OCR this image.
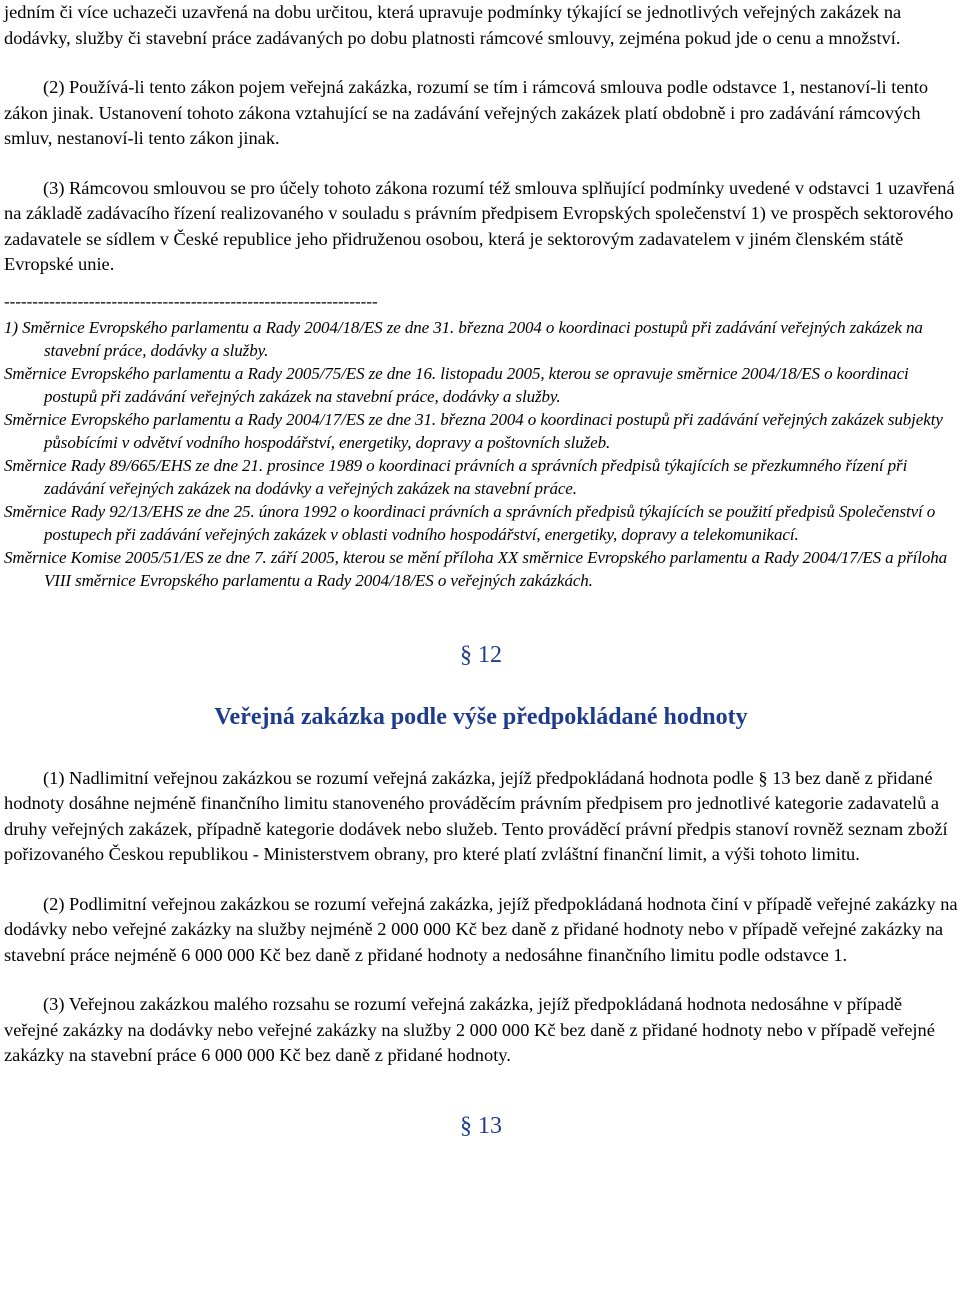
jedním či více uchazeči uzavřená na dobu určitou, která upravuje podmínky týkající se jednotlivých veřejných zakázek na dodávky, služby či stavební práce zadávaných po dobu platnosti rámcové smlouvy, zejména pokud jde o cenu a množství.

(2) Používá-li tento zákon pojem veřejná zakázka, rozumí se tím i rámcová smlouva podle odstavce 1, nestanoví-li tento zákon jinak. Ustanovení tohoto zákona vztahující se na zadávání veřejných zakázek platí obdobně i pro zadávání rámcových smluv, nestanoví-li tento zákon jinak.

(3) Rámcovou smlouvou se pro účely tohoto zákona rozumí též smlouva splňující podmínky uvedené v odstavci 1 uzavřená na základě zadávacího řízení realizovaného v souladu s právním předpisem Evropských společenství 1) ve prospěch sektorového zadavatele se sídlem v České republice jeho přidruženou osobou, která je sektorovým zadavatelem v jiném členském státě Evropské unie.

------------------------------------------------------------------

1) Směrnice Evropského parlamentu a Rady 2004/18/ES ze dne 31. března 2004 o koordinaci postupů při zadávání veřejných zakázek na stavební práce, dodávky a služby.

Směrnice Evropského parlamentu a Rady 2005/75/ES ze dne 16. listopadu 2005, kterou se opravuje směrnice 2004/18/ES o koordinaci postupů při zadávání veřejných zakázek na stavební práce, dodávky a služby.

Směrnice Evropského parlamentu a Rady 2004/17/ES ze dne 31. března 2004 o koordinaci postupů při zadávání veřejných zakázek subjekty působícími v odvětví vodního hospodářství, energetiky, dopravy a poštovních služeb.

Směrnice Rady 89/665/EHS ze dne 21. prosince 1989 o koordinaci právních a správních předpisů týkajících se přezkumného řízení při zadávání veřejných zakázek na dodávky a veřejných zakázek na stavební práce.

Směrnice Rady 92/13/EHS ze dne 25. února 1992 o koordinaci právních a správních předpisů týkajících se použití předpisů Společenství o postupech při zadávání veřejných zakázek v oblasti vodního hospodářství, energetiky, dopravy a telekomunikací.

Směrnice Komise 2005/51/ES ze dne 7. září 2005, kterou se mění příloha XX směrnice Evropského parlamentu a Rady 2004/17/ES a příloha VIII směrnice Evropského parlamentu a Rady 2004/18/ES o veřejných zakázkách.

§ 12
Veřejná zakázka podle výše předpokládané hodnoty

(1) Nadlimitní veřejnou zakázkou se rozumí veřejná zakázka, jejíž předpokládaná hodnota podle § 13 bez daně z přidané hodnoty dosáhne nejméně finančního limitu stanoveného prováděcím právním předpisem pro jednotlivé kategorie zadavatelů a druhy veřejných zakázek, případně kategorie dodávek nebo služeb. Tento prováděcí právní předpis stanoví rovněž seznam zboží pořizovaného Českou republikou - Ministerstvem obrany, pro které platí zvláštní finanční limit, a výši tohoto limitu.

(2) Podlimitní veřejnou zakázkou se rozumí veřejná zakázka, jejíž předpokládaná hodnota činí v případě veřejné zakázky na dodávky nebo veřejné zakázky na služby nejméně 2 000 000 Kč bez daně z přidané hodnoty nebo v případě veřejné zakázky na stavební práce nejméně 6 000 000 Kč bez daně z přidané hodnoty a nedosáhne finančního limitu podle odstavce 1.

(3) Veřejnou zakázkou malého rozsahu se rozumí veřejná zakázka, jejíž předpokládaná hodnota nedosáhne v případě veřejné zakázky na dodávky nebo veřejné zakázky na služby 2 000 000 Kč bez daně z přidané hodnoty nebo v případě veřejné zakázky na stavební práce 6 000 000 Kč bez daně z přidané hodnoty.

§ 13
